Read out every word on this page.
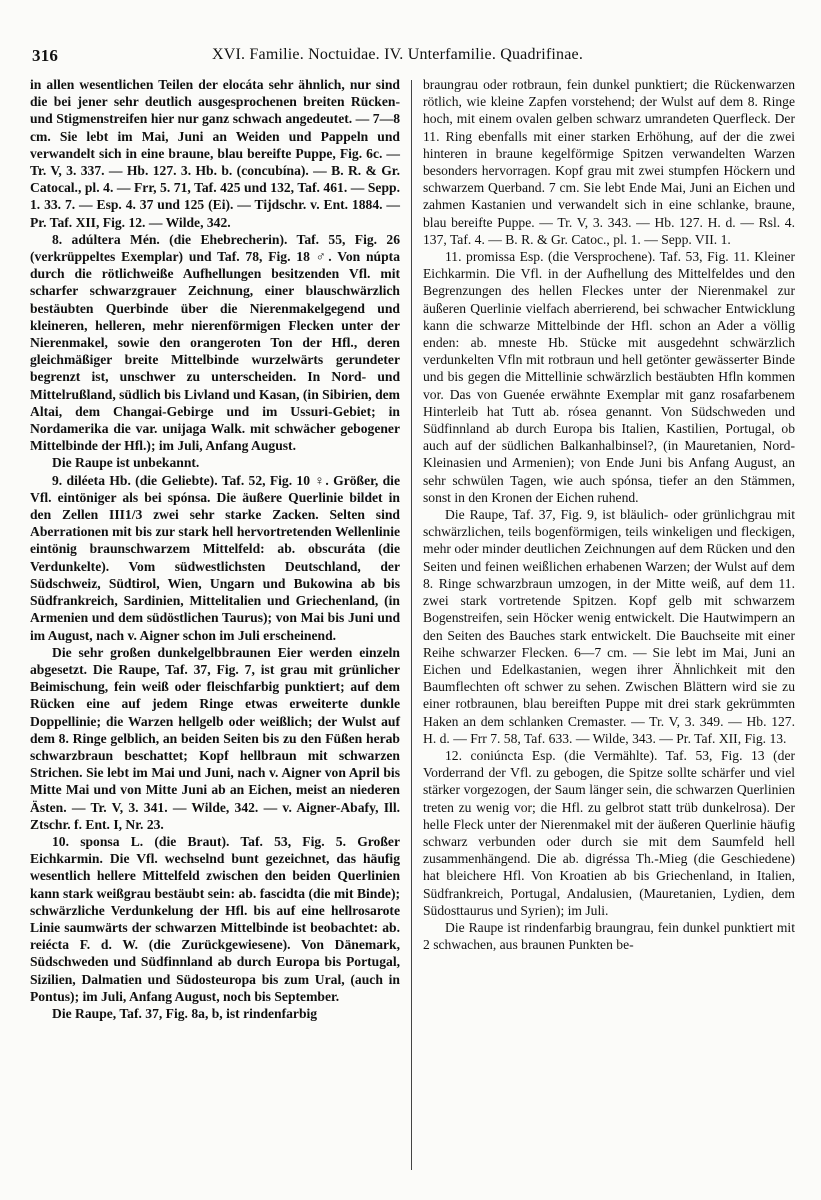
316	XVI. Familie. Noctuidae. IV. Unterfamilie. Quadrifinae.

in allen wesentlichen Teilen der elocáta sehr ähnlich, nur sind die bei jener sehr deutlich ausgesprochenen breiten Rücken- und Stigmenstreifen hier nur ganz schwach angedeutet. — 7—8 cm. Sie lebt im Mai, Juni an Weiden und Pappeln und verwandelt sich in eine braune, blau bereifte Puppe, Fig. 6c. — Tr. V, 3. 337. — Hb. 127. 3. Hb. b. (concubína). — B. R. & Gr. Catocal., pl. 4. — Frr, 5. 71, Taf. 425 und 132, Taf. 461. — Sepp. 1. 33. 7. — Esp. 4. 37 und 125 (Ei). — Tijdschr. v. Ent. 1884. — Pr. Taf. XII, Fig. 12. — Wilde, 342.

8. adúltera Mén. (die Ehebrecherin). Taf. 55, Fig. 26 (verkrüppeltes Exemplar) und Taf. 78, Fig. 18 ♂. Von núpta durch die rötlichweiße Aufhellungen besitzenden Vfl. mit scharfer schwarzgrauer Zeichnung, einer blauschwärzlich bestäubten Querbinde über die Nierenmakelgegend und kleineren, helleren, mehr nierenförmigen Flecken unter der Nierenmakel, sowie den orangeroten Ton der Hfl., deren gleichmäßiger breite Mittelbinde wurzelwärts gerundeter begrenzt ist, unschwer zu unterscheiden. In Nord- und Mittelrußland, südlich bis Livland und Kasan, (in Sibirien, dem Altai, dem Changai-Gebirge und im Ussuri-Gebiet; in Nordamerika die var. unijaga Walk. mit schwächer gebogener Mittelbinde der Hfl.); im Juli, Anfang August.

Die Raupe ist unbekannt.

9. diléeta Hb. (die Geliebte). Taf. 52, Fig. 10 ♀. Größer, die Vfl. eintöniger als bei spónsa. Die äußere Querlinie bildet in den Zellen III1/3 zwei sehr starke Zacken. Selten sind Aberrationen mit bis zur stark hell hervortretenden Wellenlinie eintönig braunschwarzem Mittelfeld: ab. obscuráta (die Verdunkelte). Vom südwestlichsten Deutschland, der Südschweiz, Südtirol, Wien, Ungarn und Bukowina ab bis Südfrankreich, Sardinien, Mittelitalien und Griechenland, (in Armenien und dem südöstlichen Taurus); von Mai bis Juni und im August, nach v. Aigner schon im Juli erscheinend.

Die sehr großen dunkelgelbbraunen Eier werden einzeln abgesetzt. Die Raupe, Taf. 37, Fig. 7, ist grau mit grünlicher Beimischung, fein weiß oder fleischfarbig punktiert; auf dem Rücken eine auf jedem Ringe etwas erweiterte dunkle Doppellinie; die Warzen hellgelb oder weißlich; der Wulst auf dem 8. Ringe gelblich, an beiden Seiten bis zu den Füßen herab schwarzbraun beschattet; Kopf hellbraun mit schwarzen Strichen. Sie lebt im Mai und Juni, nach v. Aigner von April bis Mitte Mai und von Mitte Juni ab an Eichen, meist an niederen Ästen. — Tr. V, 3. 341. — Wilde, 342. — v. Aigner-Abafy, Ill. Ztschr. f. Ent. I, Nr. 23.

10. sponsa L. (die Braut). Taf. 53, Fig. 5. Großer Eichkarmin. Die Vfl. wechselnd bunt gezeichnet, das häufig wesentlich hellere Mittelfeld zwischen den beiden Querlinien kann stark weißgrau bestäubt sein: ab. fascidta (die mit Binde); schwärzliche Verdunkelung der Hfl. bis auf eine hellrosarote Linie saumwärts der schwarzen Mittelbinde ist beobachtet: ab. reiécta F. d. W. (die Zurückgewiesene). Von Dänemark, Südschweden und Südfinnland ab durch Europa bis Portugal, Sizilien, Dalmatien und Südosteuropa bis zum Ural, (auch in Pontus); im Juli, Anfang August, noch bis September.

Die Raupe, Taf. 37, Fig. 8a, b, ist rindenfarbig

braungrau oder rotbraun, fein dunkel punktiert; die Rückenwarzen rötlich, wie kleine Zapfen vorstehend; der Wulst auf dem 8. Ringe hoch, mit einem ovalen gelben schwarz umrandeten Querfleck. Der 11. Ring ebenfalls mit einer starken Erhöhung, auf der die zwei hinteren in braune kegelförmige Spitzen verwandelten Warzen besonders hervorragen. Kopf grau mit zwei stumpfen Höckern und schwarzem Querband. 7 cm. Sie lebt Ende Mai, Juni an Eichen und zahmen Kastanien und verwandelt sich in eine schlanke, braune, blau bereifte Puppe. — Tr. V, 3. 343. — Hb. 127. H. d. — Rsl. 4. 137, Taf. 4. — B. R. & Gr. Catoc., pl. 1. — Sepp. VII. 1.

11. promissa Esp. (die Versprochene). Taf. 53, Fig. 11. Kleiner Eichkarmin. Die Vfl. in der Aufhellung des Mittelfeldes und den Begrenzungen des hellen Fleckes unter der Nierenmakel zur äußeren Querlinie vielfach aberrierend, bei schwacher Entwicklung kann die schwarze Mittelbinde der Hfl. schon an Ader a völlig enden: ab. mneste Hb. Stücke mit ausgedehnt schwärzlich verdunkelten Vfln mit rotbraun und hell getönter gewässerter Binde und bis gegen die Mittellinie schwärzlich bestäubten Hfln kommen vor. Das von Guenée erwähnte Exemplar mit ganz rosafarbenem Hinterleib hat Tutt ab. rósea genannt. Von Südschweden und Südfinnland ab durch Europa bis Italien, Kastilien, Portugal, ob auch auf der südlichen Balkanhalbinsel?, (in Mauretanien, Nord-Kleinasien und Armenien); von Ende Juni bis Anfang August, an sehr schwülen Tagen, wie auch spónsa, tiefer an den Stämmen, sonst in den Kronen der Eichen ruhend.

Die Raupe, Taf. 37, Fig. 9, ist bläulich- oder grünlichgrau mit schwärzlichen, teils bogenförmigen, teils winkeligen und fleckigen, mehr oder minder deutlichen Zeichnungen auf dem Rücken und den Seiten und feinen weißlichen erhabenen Warzen; der Wulst auf dem 8. Ringe schwarzbraun umzogen, in der Mitte weiß, auf dem 11. zwei stark vortretende Spitzen. Kopf gelb mit schwarzem Bogenstreifen, sein Höcker wenig entwickelt. Die Hautwimpern an den Seiten des Bauches stark entwickelt. Die Bauchseite mit einer Reihe schwarzer Flecken. 6—7 cm. — Sie lebt im Mai, Juni an Eichen und Edelkastanien, wegen ihrer Ähnlichkeit mit den Baumflechten oft schwer zu sehen. Zwischen Blättern wird sie zu einer rotbraunen, blau bereiften Puppe mit drei stark gekrümmten Haken an dem schlanken Cremaster. — Tr. V, 3. 349. — Hb. 127. H. d. — Frr 7. 58, Taf. 633. — Wilde, 343. — Pr. Taf. XII, Fig. 13.

12. coniúncta Esp. (die Vermählte). Taf. 53, Fig. 13 (der Vorderrand der Vfl. zu gebogen, die Spitze sollte schärfer und viel stärker vorgezogen, der Saum länger sein, die schwarzen Querlinien treten zu wenig vor; die Hfl. zu gelbrot statt trüb dunkelrosa). Der helle Fleck unter der Nierenmakel mit der äußeren Querlinie häufig schwarz verbunden oder durch sie mit dem Saumfeld hell zusammenhängend. Die ab. digréssa Th.-Mieg (die Geschiedene) hat bleichere Hfl. Von Kroatien ab bis Griechenland, in Italien, Südfrankreich, Portugal, Andalusien, (Mauretanien, Lydien, dem Südosttaurus und Syrien); im Juli.

Die Raupe ist rindenfarbig braungrau, fein dunkel punktiert mit 2 schwachen, aus braunen Punkten be-
